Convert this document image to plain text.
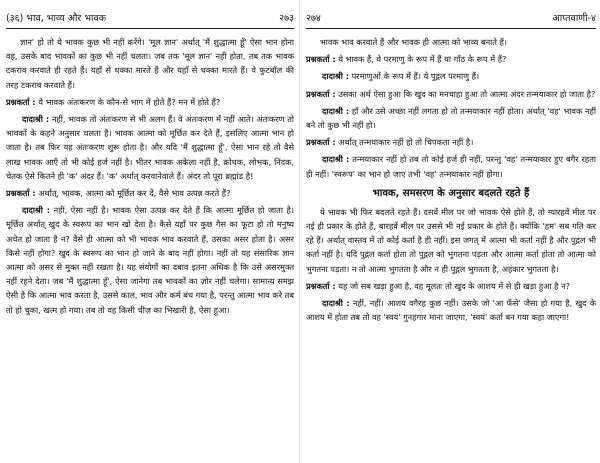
(३६) भाव, भाव्य और भावक	२७३

ज्ञान' हो तो ये भावक कुछ भी नहीं करेंगे। 'मूल ज्ञान' अर्थात् 'मैं शुद्धात्मा हूँ' ऐसा भान होना वह, उसके बाद भावकों का कुछ भी नहीं चलता। जब तक 'मूल ज्ञान' नहीं होता, तब तक भावक टकराव करवाते ही रहते हैं। यहाँ से धक्का मारते हैं और यहाँ से धक्का मारते हैं। वे फुटबॉल की तरह टकराव करवाते हैं।

प्रश्नकर्ता : ये भावक अंतःकरण के कौन-से भाग में होते हैं? मन में होते हैं?

दादाश्री : नहीं, भावक तो अंतःकरण से भी अलग हैं। वे अंतःकरण में नहीं आते। अंतःकरण तो भावकों के कहने अनुसार चलता है। भावक आत्मा को मूर्छित कर देते हैं, इसलिए आत्मा भान हो जाता है। तब फिर यह अंतःकरण शुरू होता है। और यदि 'मैं शुद्धात्मा हूँ', ऐसा भान रहे तो वैसे लाख भावक आएँ तो भी कोई हर्ज नहीं है। भीतर भावक अकेला नहीं है, क्रोधक, लोभक, निंदक, चेतक ऐसे कितने ही 'क' अंदर हैं। 'क' अर्थात् करवानेवाले हैं। अंदर तो पूरा ब्रह्मांड है!

प्रश्नकर्ता : अर्थात्, भावक, आत्मा को मूर्छित कर दें, वैसे भाव उत्पन्न करते हैं?

दादाश्री : नहीं, ऐसा नहीं है। भावक ऐसा उत्पन्न कर देते हैं कि आत्मा मूर्छित हो जाता है। मूर्छित अर्थात् खुद के स्वरूप का भान खो देता है। कैसे यहाँ पर कुछ गैस का फूटा हो तो मनुष्य अचेत हो जाता है न? वैसे ही आत्मा को भी भावक भाव करवाते हैं, उसका असर होता है। असर किसे नहीं होगा? खुद के स्वरूप का भान हो जाने के बाद नहीं होगा। नहीं तो यह संसारिक ज्ञान आत्मा को असर से मुक्त नहीं रखता है। यह संयोगों का दबाव इतना अधिक है कि उसे असरमुक्त नहीं रहने देता। जब 'मैं शुद्धात्मा हूँ', ऐसा जानेगा तब भावकों का ज़ोर नहीं चलेगा। सामान्य समझ ऐसी है कि आत्मा भाव करता है, उससे काल, भाव और कर्म बंध गया है, परन्तु आत्मा भाव करे तब तो हो चुका, खत्म हो गया। तब तो वह किसी चीज़ का भिखारी है, ऐसा हुआ।

२७४	आप्तवाणी-४

भावक भाव करवाते हैं और भावक ही आत्मा को भाव्य बनाते हैं।

प्रश्नकर्ता : ये भावक हैं, वे परमाणु के रूप में हैं या गाँठ के रूप में हैं?

दादाश्री : परमाणुओं के रूप में हैं। ये पुद्गल परमाणु हैं।

प्रश्नकर्ता : उसका अर्थ ऐसा हुआ कि खुद का मनचाहा हुआ तो आत्मा अंदर तन्मयाकार हो जाता है?

दादाश्री : हाँ और उसे अच्छा नहीं लगता हो तो तन्मयाकार नहीं होता। अर्थात् 'वह' भावक नहीं बने तो कुछ भी नहीं हो।

प्रश्नकर्ता : अर्थात् तन्मयाकार नहीं हो तो चिपकता नहीं है।

दादाश्री : तन्मयाकार नहीं हो तब तो कोई हर्ज ही नहीं, परन्तु 'वह' तन्मयाकार हुए बगैर रहता ही नहीं। 'स्वरूप' का भान हो जाए तभी 'वह' तन्मयाकार नहीं होगा।

भावक, समसरण के अनुसार बदलते रहते हैं

ये भावक भी फिर बदलते रहते हैं। दसवें मील पर जो भावक ऐसे होते हैं, तो ग्यारहवें मील पर नई ही प्रकार के होते हैं, बारहवें मील पर उससे भी नई प्रकार के होते हैं। क्योंकि 'हम' सब गति कर रहे हैं। अर्थात् वास्तव में तो कोई कर्ता है ही नहीं। इस जगत् में आत्मा भी कर्ता नहीं है और पुद्गल भी कर्ता नहीं है। यदि पुद्गल कर्ता होता तो पुद्गल को भुगतना पड़ता और आत्मा कर्ता होता तो आत्मा को भुगतना पड़ता। न तो आत्मा भुगतता है और न ही पुद्गल भुगतता है, अहंकार भुगतता है।

प्रश्नकर्ता : यह जो सब खड़ा हुआ है, वह मूलतः तो खुद के आशय में से ही खड़ा हुआ है न?

दादाश्री : नहीं, नहीं। आशय वगैरह कुछ नहीं। उसके जो 'आ फँसे' जैसा हो गया है, खुद के आशय में होता तब तो वह 'स्वयं' गुनहगार माना जाएगा, 'स्वयं' कर्ता बन गया कहा जाएगा!
